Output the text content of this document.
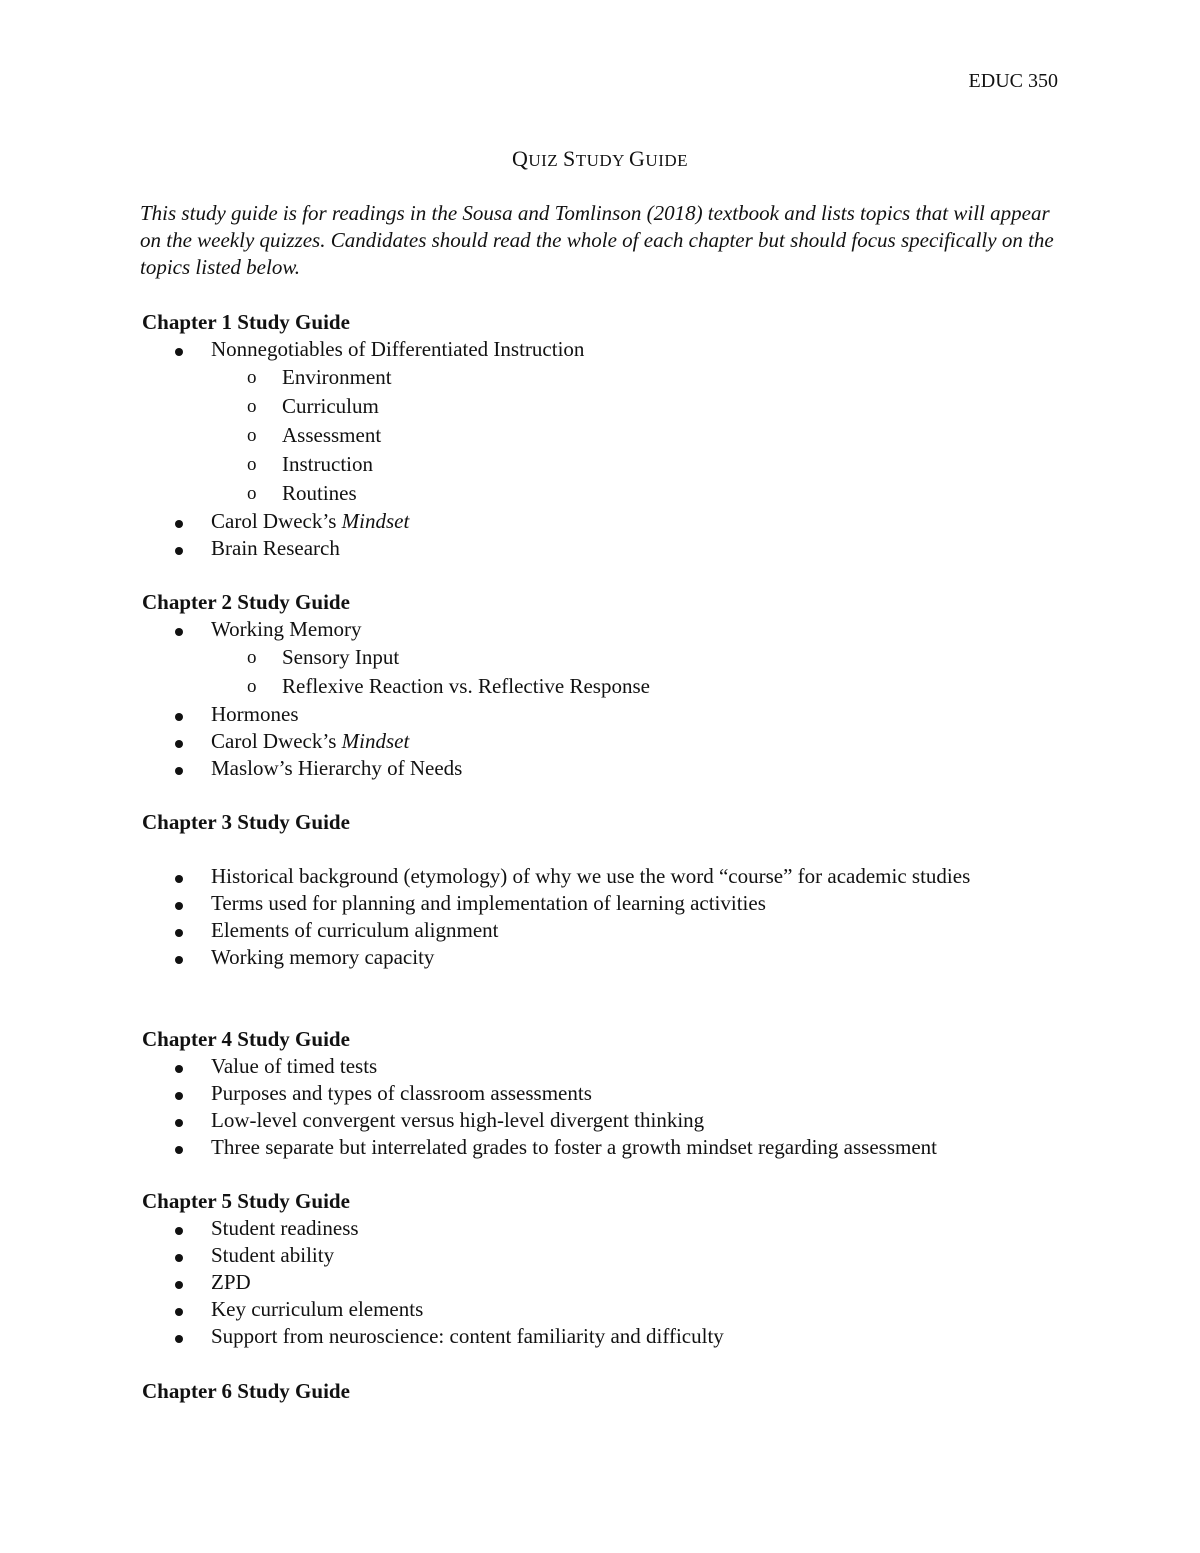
EDUC 350
QUIZ STUDY GUIDE
This study guide is for readings in the Sousa and Tomlinson (2018) textbook and lists topics that will appear on the weekly quizzes. Candidates should read the whole of each chapter but should focus specifically on the topics listed below.
Chapter 1 Study Guide
Nonnegotiables of Differentiated Instruction
o Environment
o Curriculum
o Assessment
o Instruction
o Routines
Carol Dweck’s Mindset
Brain Research
Chapter 2 Study Guide
Working Memory
o Sensory Input
o Reflexive Reaction vs. Reflective Response
Hormones
Carol Dweck’s Mindset
Maslow’s Hierarchy of Needs
Chapter 3 Study Guide
Historical background (etymology) of why we use the word “course” for academic studies
Terms used for planning and implementation of learning activities
Elements of curriculum alignment
Working memory capacity
Chapter 4 Study Guide
Value of timed tests
Purposes and types of classroom assessments
Low-level convergent versus high-level divergent thinking
Three separate but interrelated grades to foster a growth mindset regarding assessment
Chapter 5 Study Guide
Student readiness
Student ability
ZPD
Key curriculum elements
Support from neuroscience: content familiarity and difficulty
Chapter 6 Study Guide
